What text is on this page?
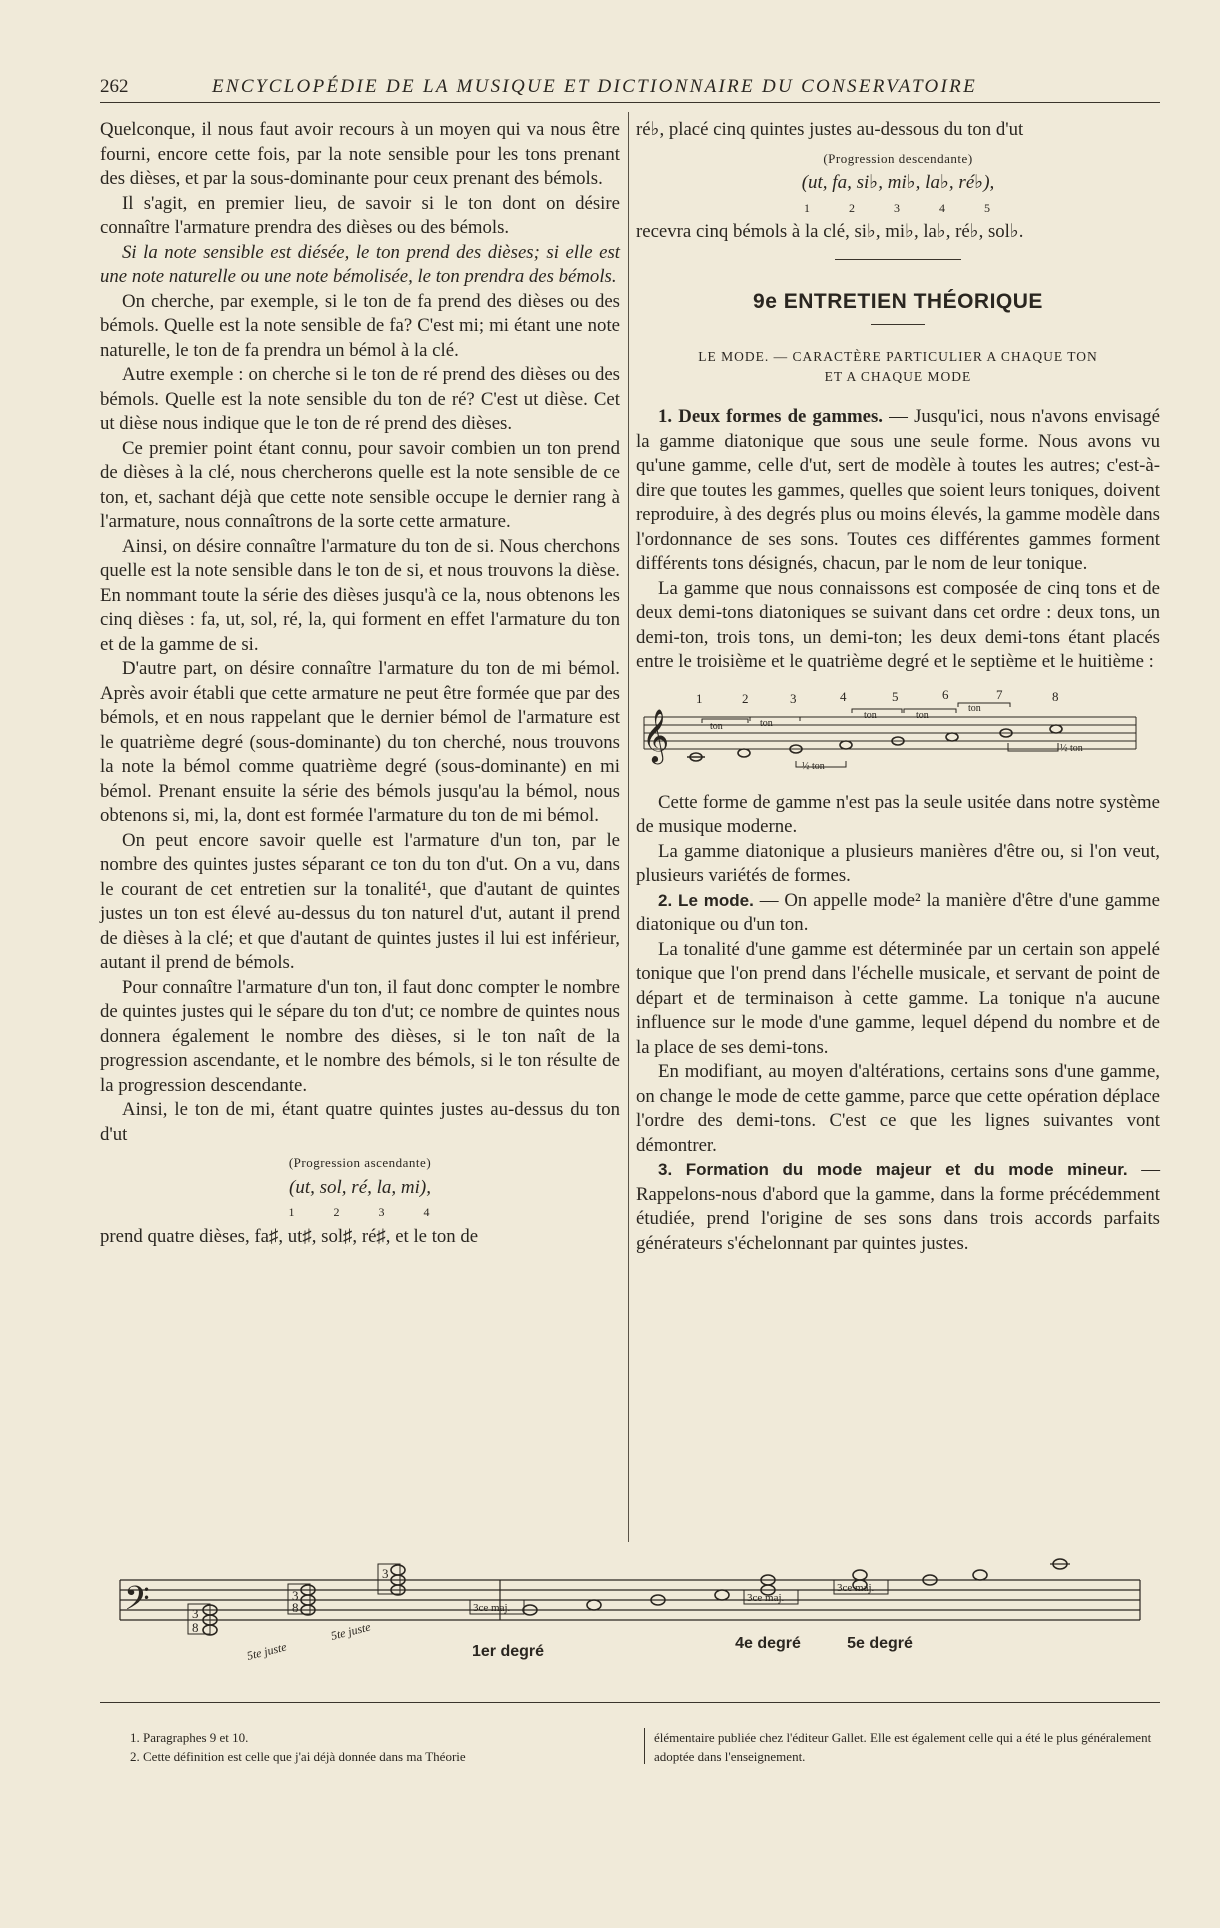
262	ENCYCLOPÉDIE DE LA MUSIQUE ET DICTIONNAIRE DU CONSERVATOIRE

Quelconque, il nous faut avoir recours à un moyen qui va nous être fourni, encore cette fois, par la note sensible pour les tons prenant des dièses, et par la sous-dominante pour ceux prenant des bémols.

Il s'agit, en premier lieu, de savoir si le ton dont on désire connaître l'armature prendra des dièses ou des bémols.

Si la note sensible est diésée, le ton prend des dièses; si elle est une note naturelle ou une note bémolisée, le ton prendra des bémols.

On cherche, par exemple, si le ton de fa prend des dièses ou des bémols. Quelle est la note sensible de fa? C'est mi; mi étant une note naturelle, le ton de fa prendra un bémol à la clé.

Autre exemple : on cherche si le ton de ré prend des dièses ou des bémols. Quelle est la note sensible du ton de ré? C'est ut dièse. Cet ut dièse nous indique que le ton de ré prend des dièses.

Ce premier point étant connu, pour savoir combien un ton prend de dièses à la clé, nous chercherons quelle est la note sensible de ce ton, et, sachant déjà que cette note sensible occupe le dernier rang à l'armature, nous connaîtrons de la sorte cette armature.

Ainsi, on désire connaître l'armature du ton de si. Nous cherchons quelle est la note sensible dans le ton de si, et nous trouvons la dièse. En nommant toute la série des dièses jusqu'à ce la, nous obtenons les cinq dièses : fa, ut, sol, ré, la, qui forment en effet l'armature du ton et de la gamme de si.

D'autre part, on désire connaître l'armature du ton de mi bémol. Après avoir établi que cette armature ne peut être formée que par des bémols, et en nous rappelant que le dernier bémol de l'armature est le quatrième degré (sous-dominante) du ton cherché, nous trouvons la note la bémol comme quatrième degré (sous-dominante) en mi bémol. Prenant ensuite la série des bémols jusqu'au la bémol, nous obtenons si, mi, la, dont est formée l'armature du ton de mi bémol.

On peut encore savoir quelle est l'armature d'un ton, par le nombre des quintes justes séparant ce ton du ton d'ut. On a vu, dans le courant de cet entretien sur la tonalité¹, que d'autant de quintes justes un ton est élevé au-dessus du ton naturel d'ut, autant il prend de dièses à la clé; et que d'autant de quintes justes il lui est inférieur, autant il prend de bémols.

Pour connaître l'armature d'un ton, il faut donc compter le nombre de quintes justes qui le sépare du ton d'ut; ce nombre de quintes nous donnera également le nombre des dièses, si le ton naît de la progression ascendante, et le nombre des bémols, si le ton résulte de la progression descendante.

Ainsi, le ton de mi, étant quatre quintes justes au-dessus du ton d'ut

(Progression ascendante)
(ut, sol, ré, la, mi),
1 2 3 4

prend quatre dièses, fa♯, ut♯, sol♯, ré♯, et le ton de

ré♭, placé cinq quintes justes au-dessous du ton d'ut

(Progression descendante)
(ut, fa, si♭, mi♭, la♭, ré♭),
1 2 3 4 5

recevra cinq bémols à la clé, si♭, mi♭, la♭, ré♭, sol♭.

9e ENTRETIEN THÉORIQUE
LE MODE. — CARACTÈRE PARTICULIER A CHAQUE TON
ET A CHAQUE MODE

1. Deux formes de gammes. — Jusqu'ici, nous n'avons envisagé la gamme diatonique que sous une seule forme. Nous avons vu qu'une gamme, celle d'ut, sert de modèle à toutes les autres; c'est-à-dire que toutes les gammes, quelles que soient leurs toniques, doivent reproduire, à des degrés plus ou moins élevés, la gamme modèle dans l'ordonnance de ses sons. Toutes ces différentes gammes forment différents tons désignés, chacun, par le nom de leur tonique.

La gamme que nous connaissons est composée de cinq tons et de deux demi-tons diatoniques se suivant dans cet ordre : deux tons, un demi-ton, trois tons, un demi-ton; les deux demi-tons étant placés entre le troisième et le quatrième degré et le septième et le huitième :

𝄞
1	2	3	4	5	6	7	8
ton	ton
ton	ton
ton
½ ton
½ ton

Cette forme de gamme n'est pas la seule usitée dans notre système de musique moderne.

La gamme diatonique a plusieurs manières d'être ou, si l'on veut, plusieurs variétés de formes.

2. Le mode. — On appelle mode² la manière d'être d'une gamme diatonique ou d'un ton.

La tonalité d'une gamme est déterminée par un certain son appelé tonique que l'on prend dans l'échelle musicale, et servant de point de départ et de terminaison à cette gamme. La tonique n'a aucune influence sur le mode d'une gamme, lequel dépend du nombre et de la place de ses demi-tons.

En modifiant, au moyen d'altérations, certains sons d'une gamme, on change le mode de cette gamme, parce que cette opération déplace l'ordre des demi-tons. C'est ce que les lignes suivantes vont démontrer.

3. Formation du mode majeur et du mode mineur. — Rappelons-nous d'abord que la gamme, dans la forme précédemment étudiée, prend l'origine de ses sons dans trois accords parfaits générateurs s'échelonnant par quintes justes.

𝄢	3
8
3
8
3
3ce maj.
3ce maj.
3ce maj.
5te juste
5te juste
1er degré	4e degré	5e degré
1. Paragraphes 9 et 10.
2. Cette définition est celle que j'ai déjà donnée dans ma Théorie
élémentaire publiée chez l'éditeur Gallet. Elle est également celle qui a été le plus généralement adoptée dans l'enseignement.
